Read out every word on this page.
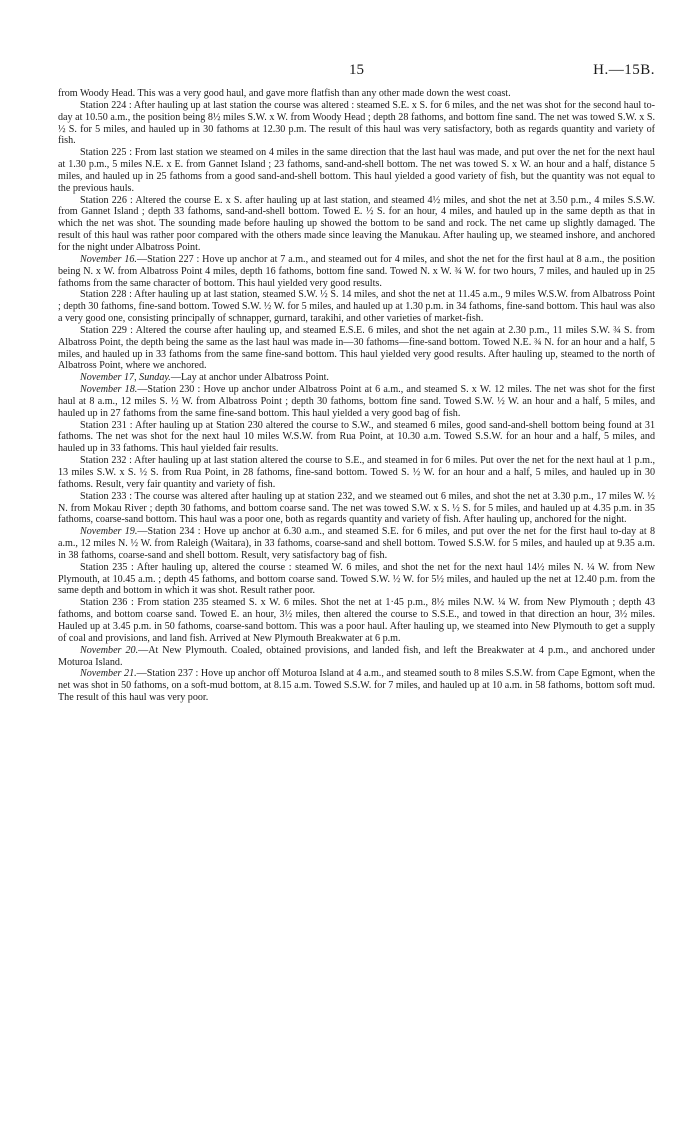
15	H.—15B.

from Woody Head. This was a very good haul, and gave more flatfish than any other made down the west coast.

Station 224 : After hauling up at last station the course was altered : steamed S.E. x S. for 6 miles, and the net was shot for the second haul to-day at 10.50 a.m., the position being 8½ miles S.W. x W. from Woody Head ; depth 28 fathoms, and bottom fine sand. The net was towed S.W. x S. ½ S. for 5 miles, and hauled up in 30 fathoms at 12.30 p.m. The result of this haul was very satisfactory, both as regards quantity and variety of fish.

Station 225 : From last station we steamed on 4 miles in the same direction that the last haul was made, and put over the net for the next haul at 1.30 p.m., 5 miles N.E. x E. from Gannet Island ; 23 fathoms, sand-and-shell bottom. The net was towed S. x W. an hour and a half, distance 5 miles, and hauled up in 25 fathoms from a good sand-and-shell bottom. This haul yielded a good variety of fish, but the quantity was not equal to the previous hauls.

Station 226 : Altered the course E. x S. after hauling up at last station, and steamed 4½ miles, and shot the net at 3.50 p.m., 4 miles S.S.W. from Gannet Island ; depth 33 fathoms, sand-and-shell bottom. Towed E. ½ S. for an hour, 4 miles, and hauled up in the same depth as that in which the net was shot. The sounding made before hauling up showed the bottom to be sand and rock. The net came up slightly damaged. The result of this haul was rather poor compared with the others made since leaving the Manukau. After hauling up, we steamed inshore, and anchored for the night under Albatross Point.

November 16.—Station 227 : Hove up anchor at 7 a.m., and steamed out for 4 miles, and shot the net for the first haul at 8 a.m., the position being N. x W. from Albatross Point 4 miles, depth 16 fathoms, bottom fine sand. Towed N. x W. ¾ W. for two hours, 7 miles, and hauled up in 25 fathoms from the same character of bottom. This haul yielded very good results.

Station 228 : After hauling up at last station, steamed S.W. ½ S. 14 miles, and shot the net at 11.45 a.m., 9 miles W.S.W. from Albatross Point ; depth 30 fathoms, fine-sand bottom. Towed S.W. ½ W. for 5 miles, and hauled up at 1.30 p.m. in 34 fathoms, fine-sand bottom. This haul was also a very good one, consisting principally of schnapper, gurnard, tarakihi, and other varieties of market-fish.

Station 229 : Altered the course after hauling up, and steamed E.S.E. 6 miles, and shot the net again at 2.30 p.m., 11 miles S.W. ¾ S. from Albatross Point, the depth being the same as the last haul was made in—30 fathoms—fine-sand bottom. Towed N.E. ¾ N. for an hour and a half, 5 miles, and hauled up in 33 fathoms from the same fine-sand bottom. This haul yielded very good results. After hauling up, steamed to the north of Albatross Point, where we anchored.

November 17, Sunday.—Lay at anchor under Albatross Point.

November 18.—Station 230 : Hove up anchor under Albatross Point at 6 a.m., and steamed S. x W. 12 miles. The net was shot for the first haul at 8 a.m., 12 miles S. ½ W. from Albatross Point ; depth 30 fathoms, bottom fine sand. Towed S.W. ½ W. an hour and a half, 5 miles, and hauled up in 27 fathoms from the same fine-sand bottom. This haul yielded a very good bag of fish.

Station 231 : After hauling up at Station 230 altered the course to S.W., and steamed 6 miles, good sand-and-shell bottom being found at 31 fathoms. The net was shot for the next haul 10 miles W.S.W. from Rua Point, at 10.30 a.m. Towed S.S.W. for an hour and a half, 5 miles, and hauled up in 33 fathoms. This haul yielded fair results.

Station 232 : After hauling up at last station altered the course to S.E., and steamed in for 6 miles. Put over the net for the next haul at 1 p.m., 13 miles S.W. x S. ½ S. from Rua Point, in 28 fathoms, fine-sand bottom. Towed S. ½ W. for an hour and a half, 5 miles, and hauled up in 30 fathoms. Result, very fair quantity and variety of fish.

Station 233 : The course was altered after hauling up at station 232, and we steamed out 6 miles, and shot the net at 3.30 p.m., 17 miles W. ½ N. from Mokau River ; depth 30 fathoms, and bottom coarse sand. The net was towed S.W. x S. ½ S. for 5 miles, and hauled up at 4.35 p.m. in 35 fathoms, coarse-sand bottom. This haul was a poor one, both as regards quantity and variety of fish. After hauling up, anchored for the night.

November 19.—Station 234 : Hove up anchor at 6.30 a.m., and steamed S.E. for 6 miles, and put over the net for the first haul to-day at 8 a.m., 12 miles N. ½ W. from Raleigh (Waitara), in 33 fathoms, coarse-sand and shell bottom. Towed S.S.W. for 5 miles, and hauled up at 9.35 a.m. in 38 fathoms, coarse-sand and shell bottom. Result, very satisfactory bag of fish.

Station 235 : After hauling up, altered the course : steamed W. 6 miles, and shot the net for the next haul 14½ miles N. ¼ W. from New Plymouth, at 10.45 a.m. ; depth 45 fathoms, and bottom coarse sand. Towed S.W. ½ W. for 5½ miles, and hauled up the net at 12.40 p.m. from the same depth and bottom in which it was shot. Result rather poor.

Station 236 : From station 235 steamed S. x W. 6 miles. Shot the net at 1·45 p.m., 8½ miles N.W. ¼ W. from New Plymouth ; depth 43 fathoms, and bottom coarse sand. Towed E. an hour, 3½ miles, then altered the course to S.S.E., and towed in that direction an hour, 3½ miles. Hauled up at 3.45 p.m. in 50 fathoms, coarse-sand bottom. This was a poor haul. After hauling up, we steamed into New Plymouth to get a supply of coal and provisions, and land fish. Arrived at New Plymouth Breakwater at 6 p.m.

November 20.—At New Plymouth. Coaled, obtained provisions, and landed fish, and left the Breakwater at 4 p.m., and anchored under Moturoa Island.

November 21.—Station 237 : Hove up anchor off Moturoa Island at 4 a.m., and steamed south to 8 miles S.S.W. from Cape Egmont, when the net was shot in 50 fathoms, on a soft-mud bottom, at 8.15 a.m. Towed S.S.W. for 7 miles, and hauled up at 10 a.m. in 58 fathoms, bottom soft mud. The result of this haul was very poor.
